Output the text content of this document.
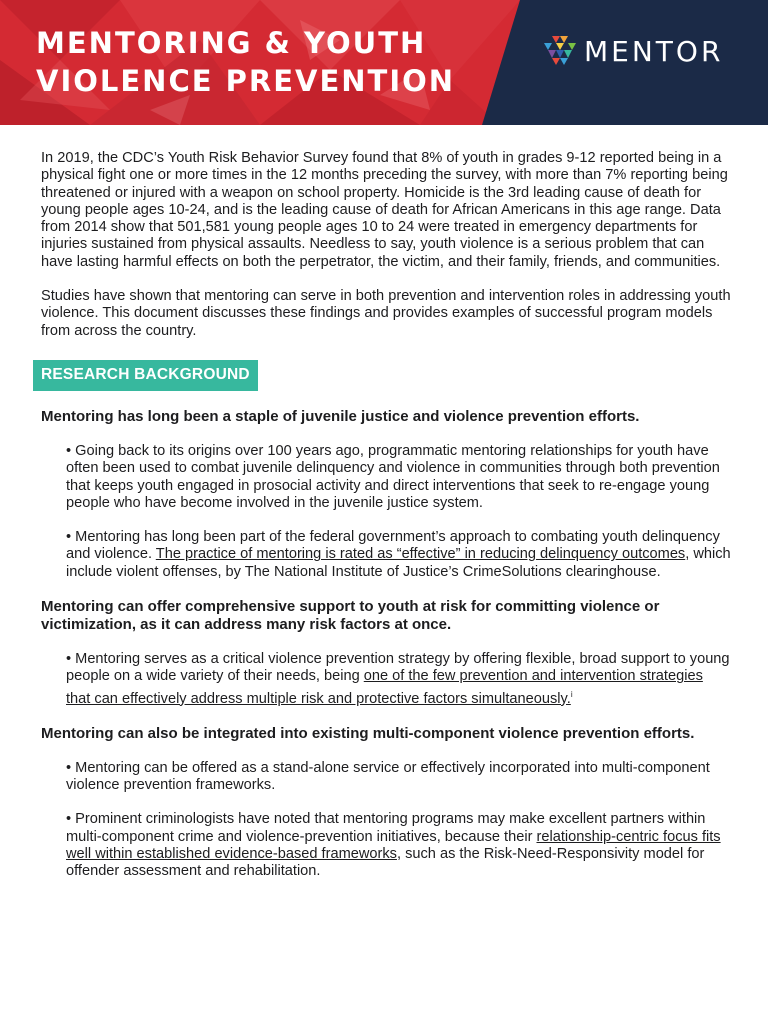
MENTORING & YOUTH
VIOLENCE PREVENTION
MENTOR

In 2019, the CDC’s Youth Risk Behavior Survey found that 8% of youth in grades 9-12 reported being in a physical fight one or more times in the 12 months preceding the survey, with more than 7% reporting being threatened or injured with a weapon on school property. Homicide is the 3rd leading cause of death for young people ages 10-24, and is the leading cause of death for African Americans in this age range. Data from 2014 show that 501,581 young people ages 10 to 24 were treated in emergency departments for injuries sustained from physical assaults. Needless to say, youth violence is a serious problem that can have lasting harmful effects on both the perpetrator, the victim, and their family, friends, and communities.

Studies have shown that mentoring can serve in both prevention and intervention roles in addressing youth violence. This document discusses these findings and provides examples of successful program models from across the country.

RESEARCH BACKGROUND
Mentoring has long been a staple of juvenile justice and violence prevention efforts.

• Going back to its origins over 100 years ago, programmatic mentoring relationships for youth have often been used to combat juvenile delinquency and violence in communities through both prevention that keeps youth engaged in prosocial activity and direct interventions that seek to re-engage young people who have become involved in the juvenile justice system.

• Mentoring has long been part of the federal government’s approach to combating youth delinquency and violence. The practice of mentoring is rated as “effective” in reducing delinquency outcomes, which include violent offenses, by The National Institute of Justice’s CrimeSolutions clearinghouse.

Mentoring can offer comprehensive support to youth at risk for committing violence or victimization, as it can address many risk factors at once.

• Mentoring serves as a critical violence prevention strategy by offering flexible, broad support to young people on a wide variety of their needs, being one of the few prevention and intervention strategies that can effectively address multiple risk and protective factors simultaneously.$^i$

Mentoring can also be integrated into existing multi-component violence prevention efforts.

• Mentoring can be offered as a stand-alone service or effectively incorporated into multi-component violence prevention frameworks.

• Prominent criminologists have noted that mentoring programs may make excellent partners within multi-component crime and violence-prevention initiatives, because their relationship-centric focus fits well within established evidence-based frameworks, such as the Risk-Need-Responsivity model for offender assessment and rehabilitation.
